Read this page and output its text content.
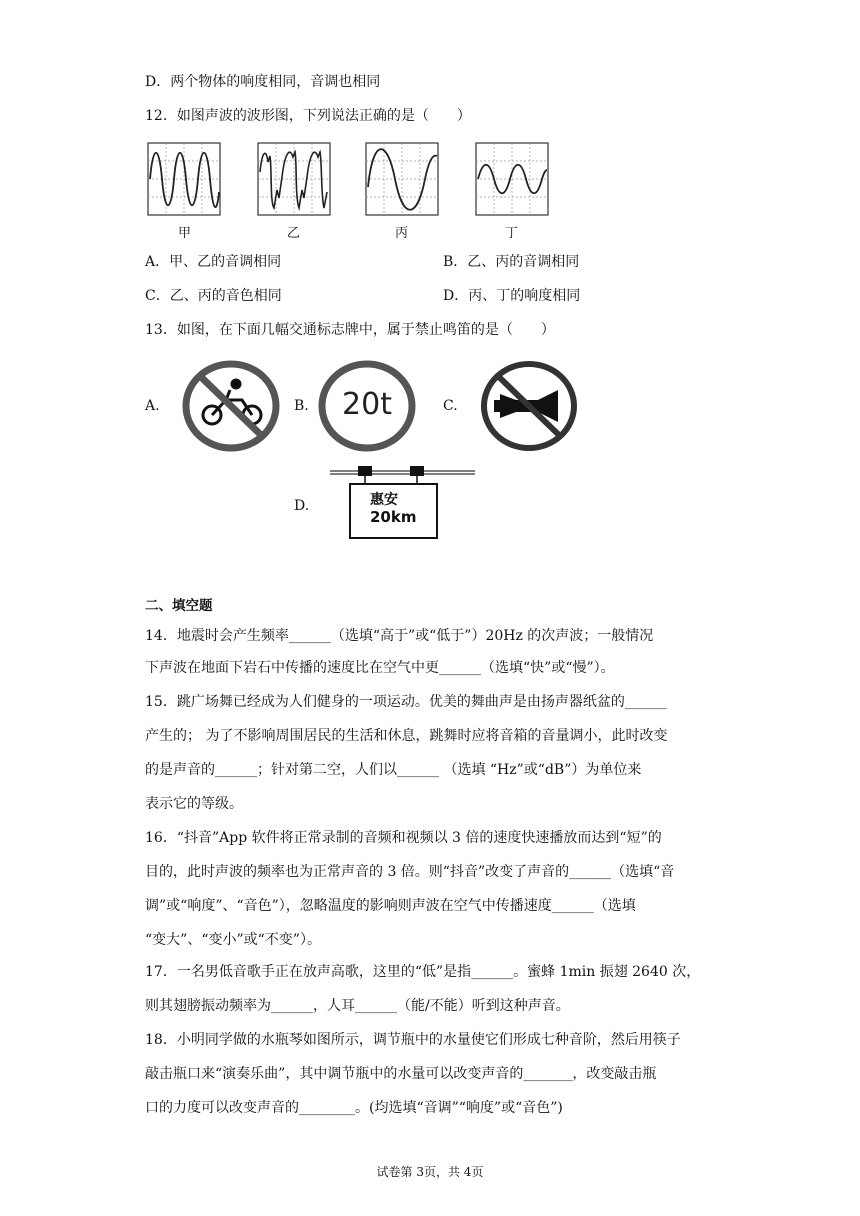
D．两个物体的响度相同，音调也相同
12．如图声波的波形图，下列说法正确的是（　　）
甲	乙	丙	丁
A．甲、乙的音调相同	B．乙、丙的音调相同
C．乙、丙的音色相同	D．丙、丁的响度相同
13．如图，在下面几幅交通标志牌中，属于禁止鸣笛的是（　　）
A.	B.	20t	C.
D.	惠安
20km
二、填空题
14．地震时会产生频率______（选填“高于”或“低于”）20Hz 的次声波；一般情况
下声波在地面下岩石中传播的速度比在空气中更______（选填“快”或“慢”）。
15．跳广场舞已经成为人们健身的一项运动。优美的舞曲声是由扬声器纸盆的______
产生的； 为了不影响周围居民的生活和休息，跳舞时应将音箱的音量调小，此时改变
的是声音的______；针对第二空，人们以______ （选填 “Hz”或“dB”）为单位来
表示它的等级。
16．“抖音”App 软件将正常录制的音频和视频以 3 倍的速度快速播放而达到“短”的
目的，此时声波的频率也为正常声音的 3 倍。则“抖音”改变了声音的______（选填“音
调”或“响度”、“音色”），忽略温度的影响则声波在空气中传播速度______（选填
“变大”、“变小”或“不变”）。
17．一名男低音歌手正在放声高歌，这里的“低”是指______。蜜蜂 1min 振翅 2640 次，
则其翅膀振动频率为______，人耳______（能/不能）听到这种声音。
18．小明同学做的水瓶琴如图所示，调节瓶中的水量使它们形成七种音阶，然后用筷子
敲击瓶口来“演奏乐曲”，其中调节瓶中的水量可以改变声音的_______，改变敲击瓶
口的力度可以改变声音的________。(均选填“音调”“响度”或“音色”)
试卷第 3页，共 4页
